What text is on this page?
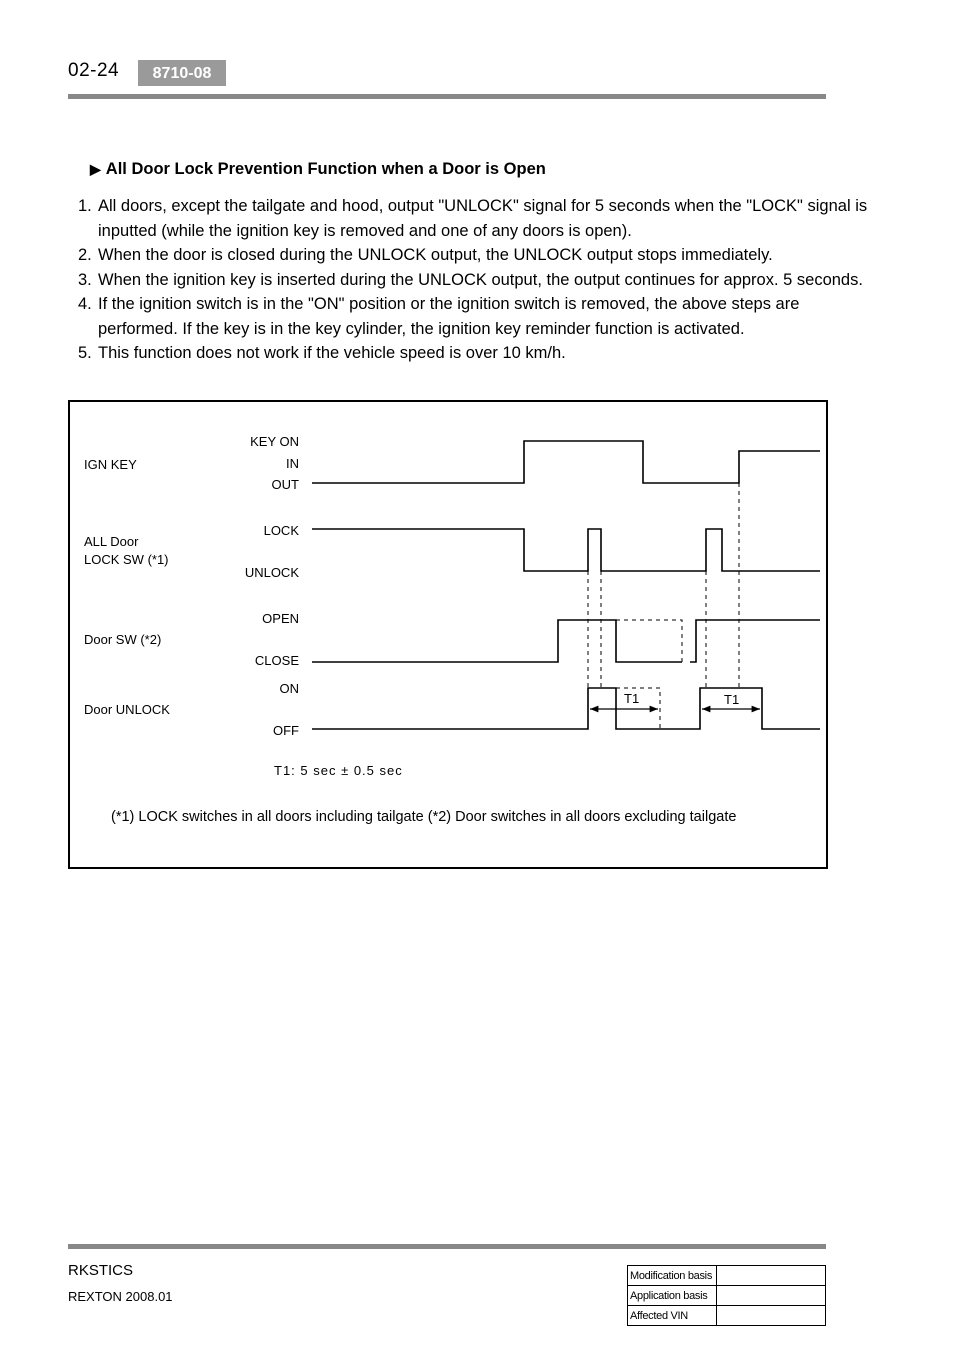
02-24	8710-08
▶ All Door Lock Prevention Function when a Door is Open
1. All doors, except the tailgate and hood, output "UNLOCK" signal for 5 seconds when the "LOCK" signal is inputted (while the ignition key is removed and one of any doors is open).
2. When the door is closed during the UNLOCK output, the UNLOCK output stops immediately.
3. When the ignition key is inserted during the UNLOCK output, the output continues for approx. 5 seconds.
4. If the ignition switch is in the "ON" position or the ignition switch is removed, the above steps are performed. If the key is in the key cylinder, the ignition key reminder function is activated.
5. This function does not work if the vehicle speed is over 10 km/h.
IGN KEY
ALL Door
LOCK SW (*1)
Door SW (*2)
Door UNLOCK
KEY ON
IN
OUT
LOCK
UNLOCK
OPEN
CLOSE
ON
OFF
T1	T1
T1: 5 sec ± 0.5 sec
(*1) LOCK switches in all doors including tailgate (*2) Door switches in all doors excluding tailgate
RKSTICS
REXTON 2008.01
Modification basis	
Application basis	
Affected VIN	
